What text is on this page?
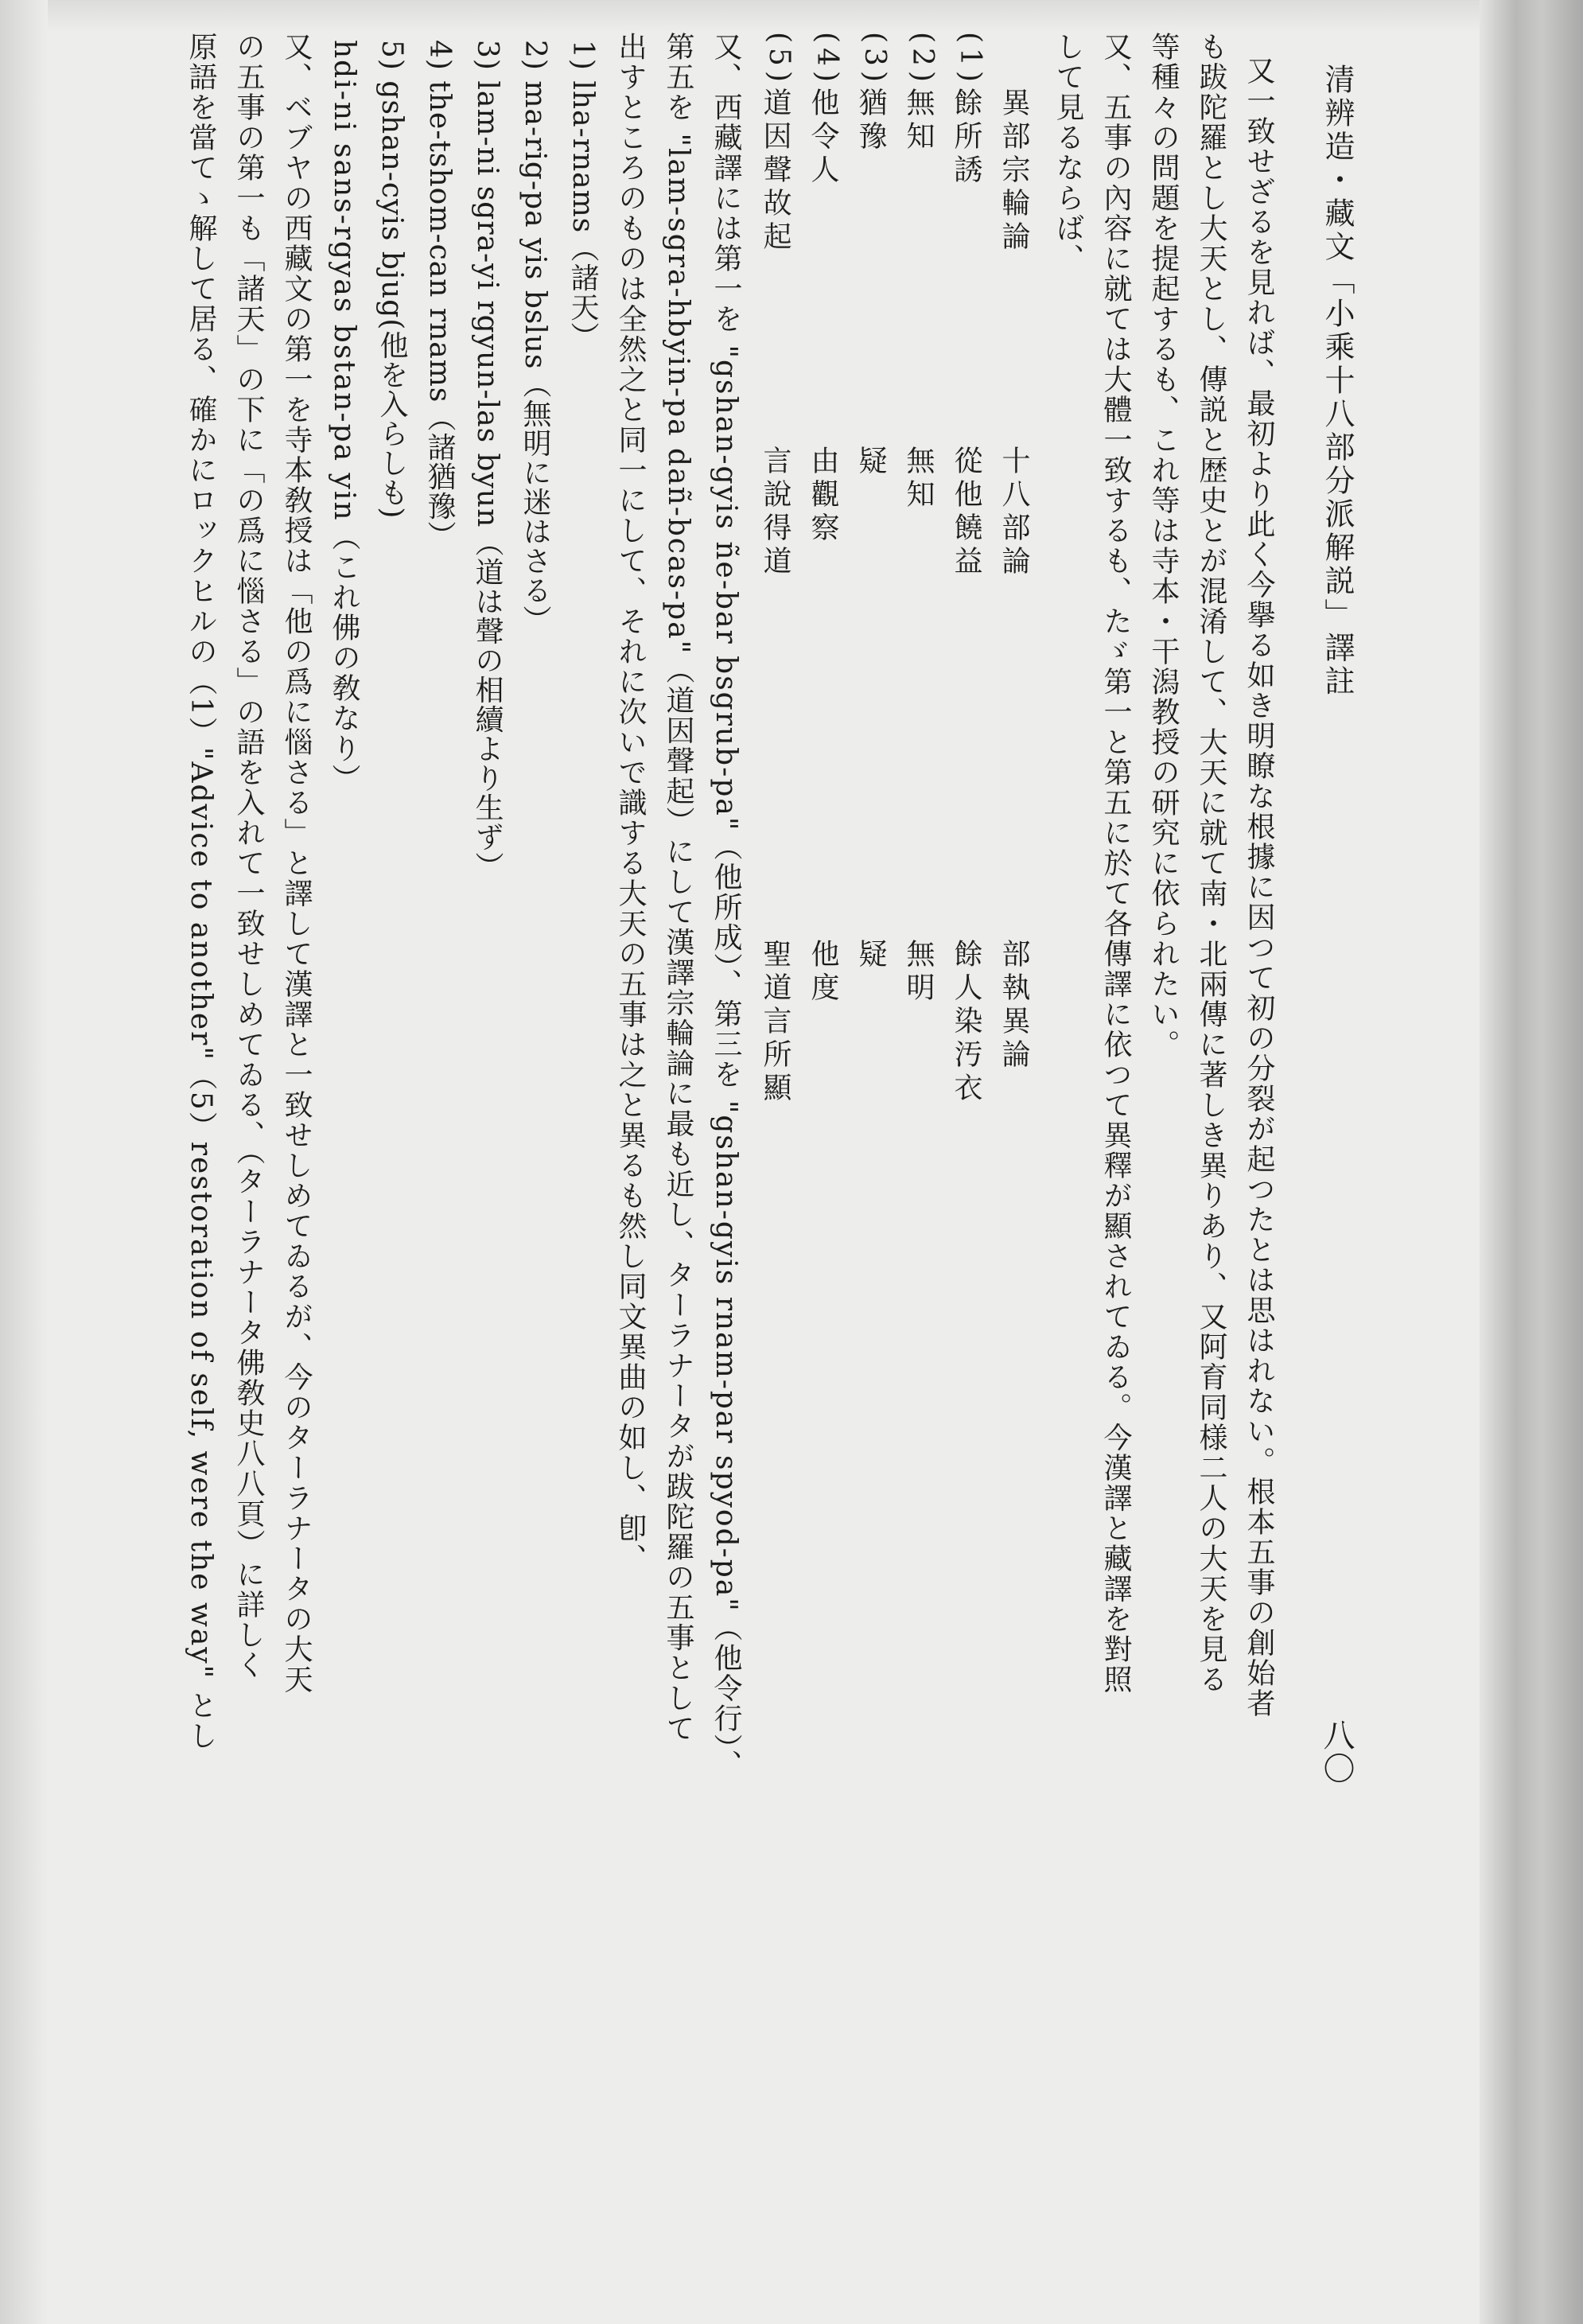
清辨造・藏文「小乘十八部分派解説」譯註
八〇
又一致せざるを見れば、最初より此く今擧る如き明瞭な根據に因つて初の分裂が起つたとは思はれない。根本五事の創始者
も跋陀羅とし大天とし、傳説と歴史とが混淆して、大天に就て南・北兩傳に著しき異りあり、又阿育同様二人の大天を見る
等種々の問題を提起するも、これ等は寺本・干潟教授の研究に依られたい。
又、五事の內容に就ては大體一致するも、たゞ第一と第五に於て各傳譯に依つて異釋が顯されてゐる。今漢譯と藏譯を對照
して見るならば、
異部宗輪論
十八部論
部執異論
(1)
餘所誘
從他饒益
餘人染汚衣
(2)
無知
無知
無明
(3)
猶豫
疑
疑
(4)
他令人
由觀察
他度
(5)
道因聲故起
言說得道
聖道言所顯
又、西藏譯には第一を "gshan-gyis ñe-bar bsgrub-pa"（他所成）、第三を "gshan-gyis rnam-par spyod-pa"（他令行）、
第五を "lam-sgra-hbyin-pa dañ-bcas-pa"（道因聲起）にして漢譯宗輪論に最も近し、ターラナータが跋陀羅の五事として
出すところのものは全然之と同一にして、それに次いで識する大天の五事は之と異るも然し同文異曲の如し、卽、
1) lha-rnams（諸天）
2) ma-rig-pa yis bslus（無明に迷はさる）
3) lam-ni sgra-yi rgyun-las byun（道は聲の相續より生ず）
4) the-tshom-can rnams（諸猶豫）
5) gshan-cyis bjug(他を入らしも)
hdi-ni sans-rgyas bstan-pa yin（これ佛の敎なり）
又、ベブヤの西藏文の第一を寺本敎授は「他の爲に惱さる」と譯して漢譯と一致せしめてゐるが、今のターラナータの大天
の五事の第一も「諸天」の下に「の爲に惱さる」の語を入れて一致せしめてゐる、（ターラナータ佛敎史八八頁）に詳しく
原語を當てゝ解して居る、確かにロックヒルの（1）"Advice to another"（5）restoration of self, were the way" とし
